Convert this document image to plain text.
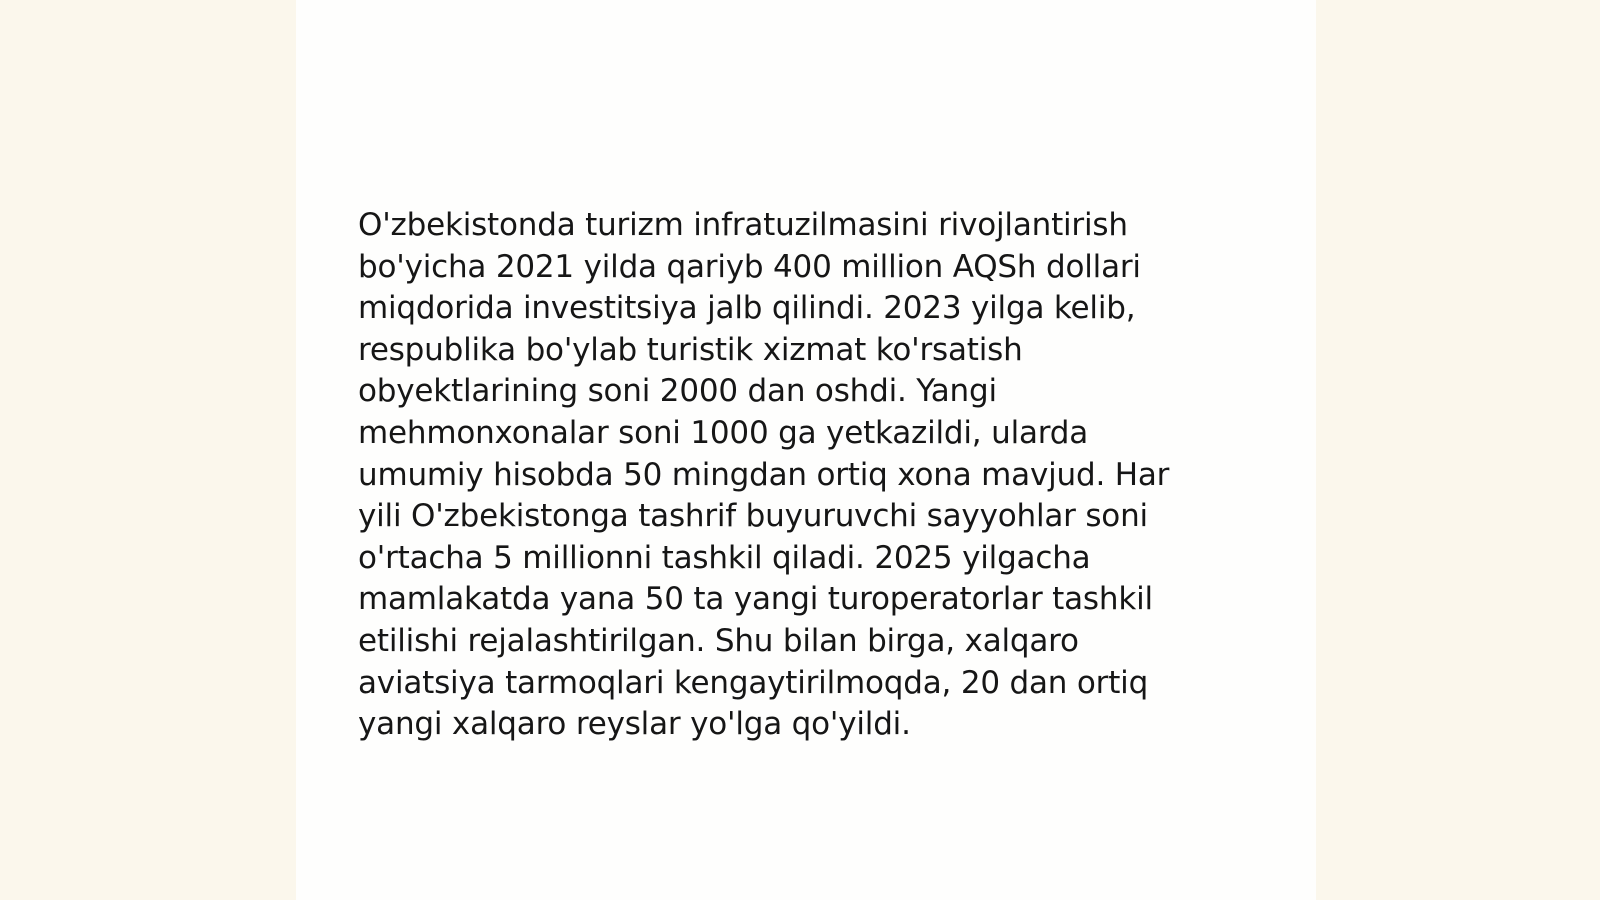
O'zbekistonda turizm infratuzilmasini rivojlantirish
bo'yicha 2021 yilda qariyb 400 million AQSh dollari
miqdorida investitsiya jalb qilindi. 2023 yilga kelib,
respublika bo'ylab turistik xizmat ko'rsatish
obyektlarining soni 2000 dan oshdi. Yangi
mehmonxonalar soni 1000 ga yetkazildi, ularda
umumiy hisobda 50 mingdan ortiq xona mavjud. Har
yili O'zbekistonga tashrif buyuruvchi sayyohlar soni
o'rtacha 5 millionni tashkil qiladi. 2025 yilgacha
mamlakatda yana 50 ta yangi turoperatorlar tashkil
etilishi rejalashtirilgan. Shu bilan birga, xalqaro
aviatsiya tarmoqlari kengaytirilmoqda, 20 dan ortiq
yangi xalqaro reyslar yo'lga qo'yildi.
